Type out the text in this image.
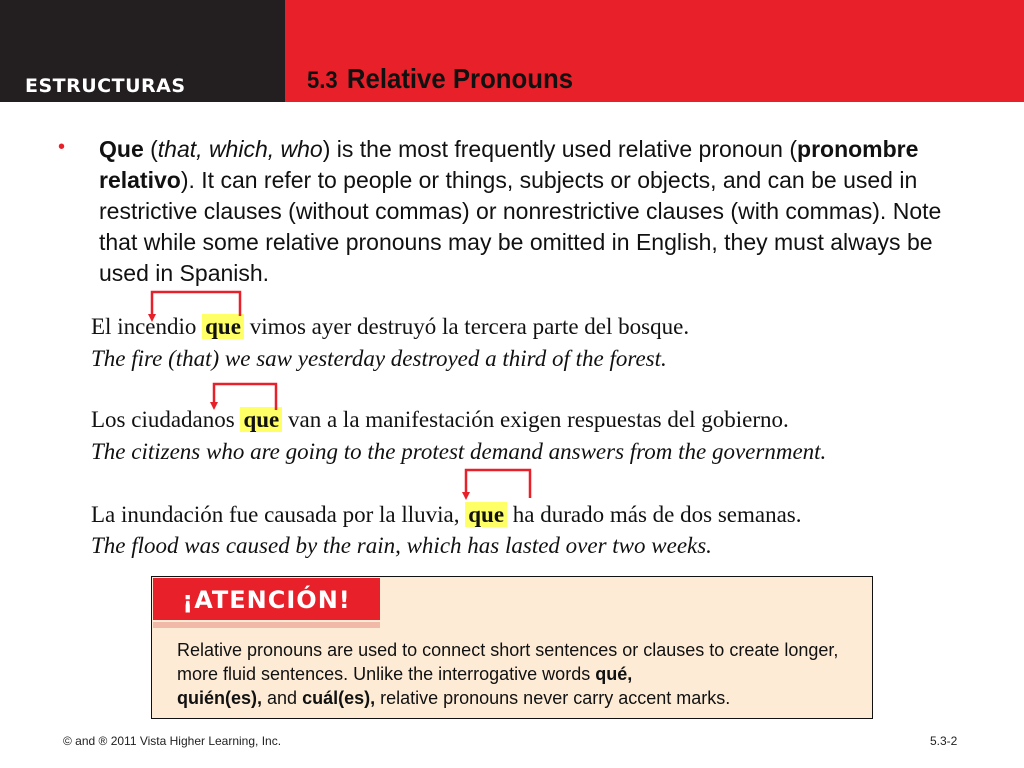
ESTRUCTURAS	5.3 Relative Pronouns
• Que (that, which, who) is the most frequently used relative pronoun (pronombre relativo). It can refer to people or things, subjects or objects, and can be used in restrictive clauses (without commas) or nonrestrictive clauses (with commas). Note that while some relative pronouns may be omitted in English, they must always be used in Spanish.
El incendio que vimos ayer destruyó la tercera parte del bosque.
The fire (that) we saw yesterday destroyed a third of the forest.
Los ciudadanos que van a la manifestación exigen respuestas del gobierno.
The citizens who are going to the protest demand answers from the government.
La inundación fue causada por la lluvia, que ha durado más de dos semanas.
The flood was caused by the rain, which has lasted over two weeks.
¡ATENCIÓN!
Relative pronouns are used to connect short sentences or clauses to create longer, more fluid sentences. Unlike the interrogative words qué,
quién(es), and cuál(es), relative pronouns never carry accent marks.
© and ® 2011 Vista Higher Learning, Inc.	5.3-2
